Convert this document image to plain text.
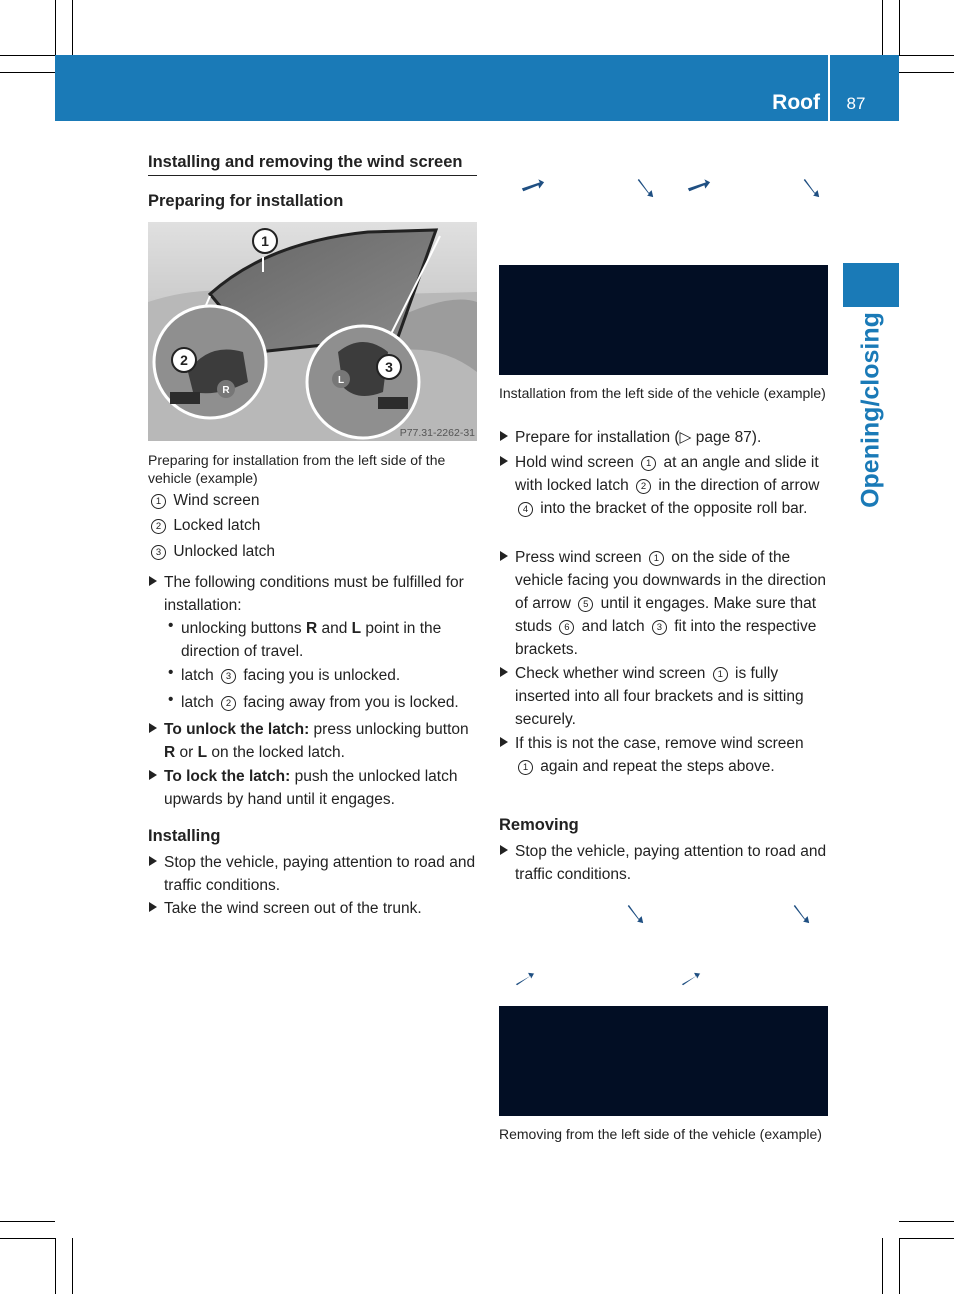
Roof	87
Opening/closing
Installing and removing the wind screen
Preparing for installation
1
2	3
R
L
P77.31-2262-31
Preparing for installation from the left side of the vehicle (example)
1 Wind screen
2 Locked latch
3 Unlocked latch
The following conditions must be fulfilled for installation:
• unlocking buttons R and L point in the direction of travel.
• latch 3 facing you is unlocked.
• latch 2 facing away from you is locked.
To unlock the latch: press unlocking button R or L on the locked latch.
To lock the latch: push the unlocked latch upwards by hand until it engages.
Installing
Stop the vehicle, paying attention to road and traffic conditions.
Take the wind screen out of the trunk.
Installation from the left side of the vehicle (example)
Prepare for installation (▷ page 87).
Hold wind screen 1 at an angle and slide it with locked latch 2 in the direction of arrow 4 into the bracket of the opposite roll bar.
Press wind screen 1 on the side of the vehicle facing you downwards in the direction of arrow 5 until it engages. Make sure that studs 6 and latch 3 fit into the respective brackets.
Check whether wind screen 1 is fully inserted into all four brackets and is sitting securely.
If this is not the case, remove wind screen 1 again and repeat the steps above.
Removing
Stop the vehicle, paying attention to road and traffic conditions.
Removing from the left side of the vehicle (example)
